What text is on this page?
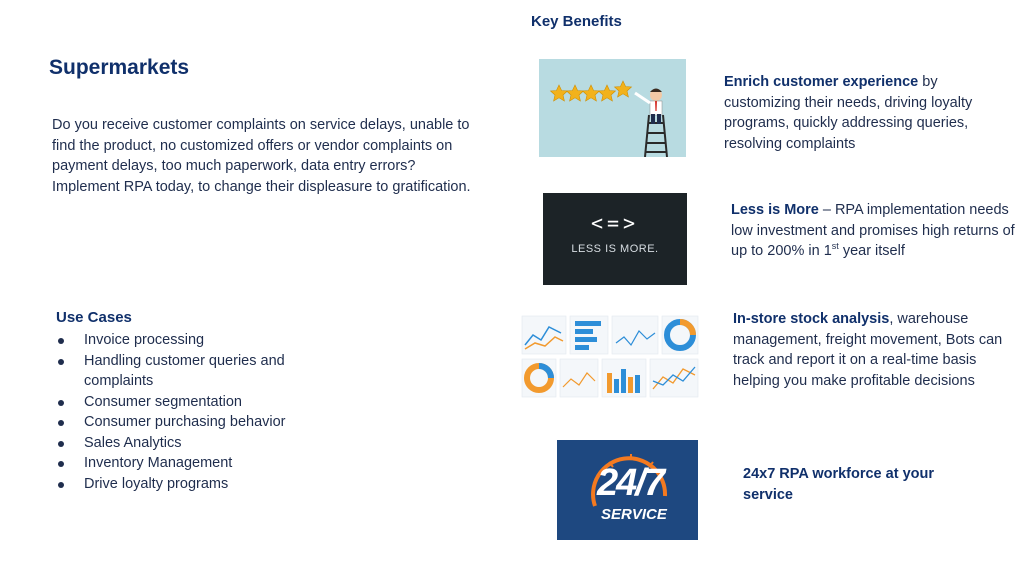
Supermarkets
Do you receive customer complaints on service delays, unable to find the product, no customized offers or vendor complaints on payment delays, too much paperwork, data entry errors? Implement RPA today, to change their displeasure to gratification.
Use Cases
Invoice processing
Handling customer queries and complaints
Consumer segmentation
Consumer purchasing behavior
Sales Analytics
Inventory Management
Drive loyalty programs
Key Benefits
Enrich customer experience by customizing their needs, driving loyalty programs, quickly addressing queries, resolving complaints
<=>
LESS IS MORE.
Less is More – RPA implementation needs low investment and promises high returns of up to 200% in 1st year itself
In-store stock analysis, warehouse management, freight movement, Bots can track and report it on a real-time basis helping you make profitable decisions
24/7
SERVICE
24x7 RPA workforce at your service
